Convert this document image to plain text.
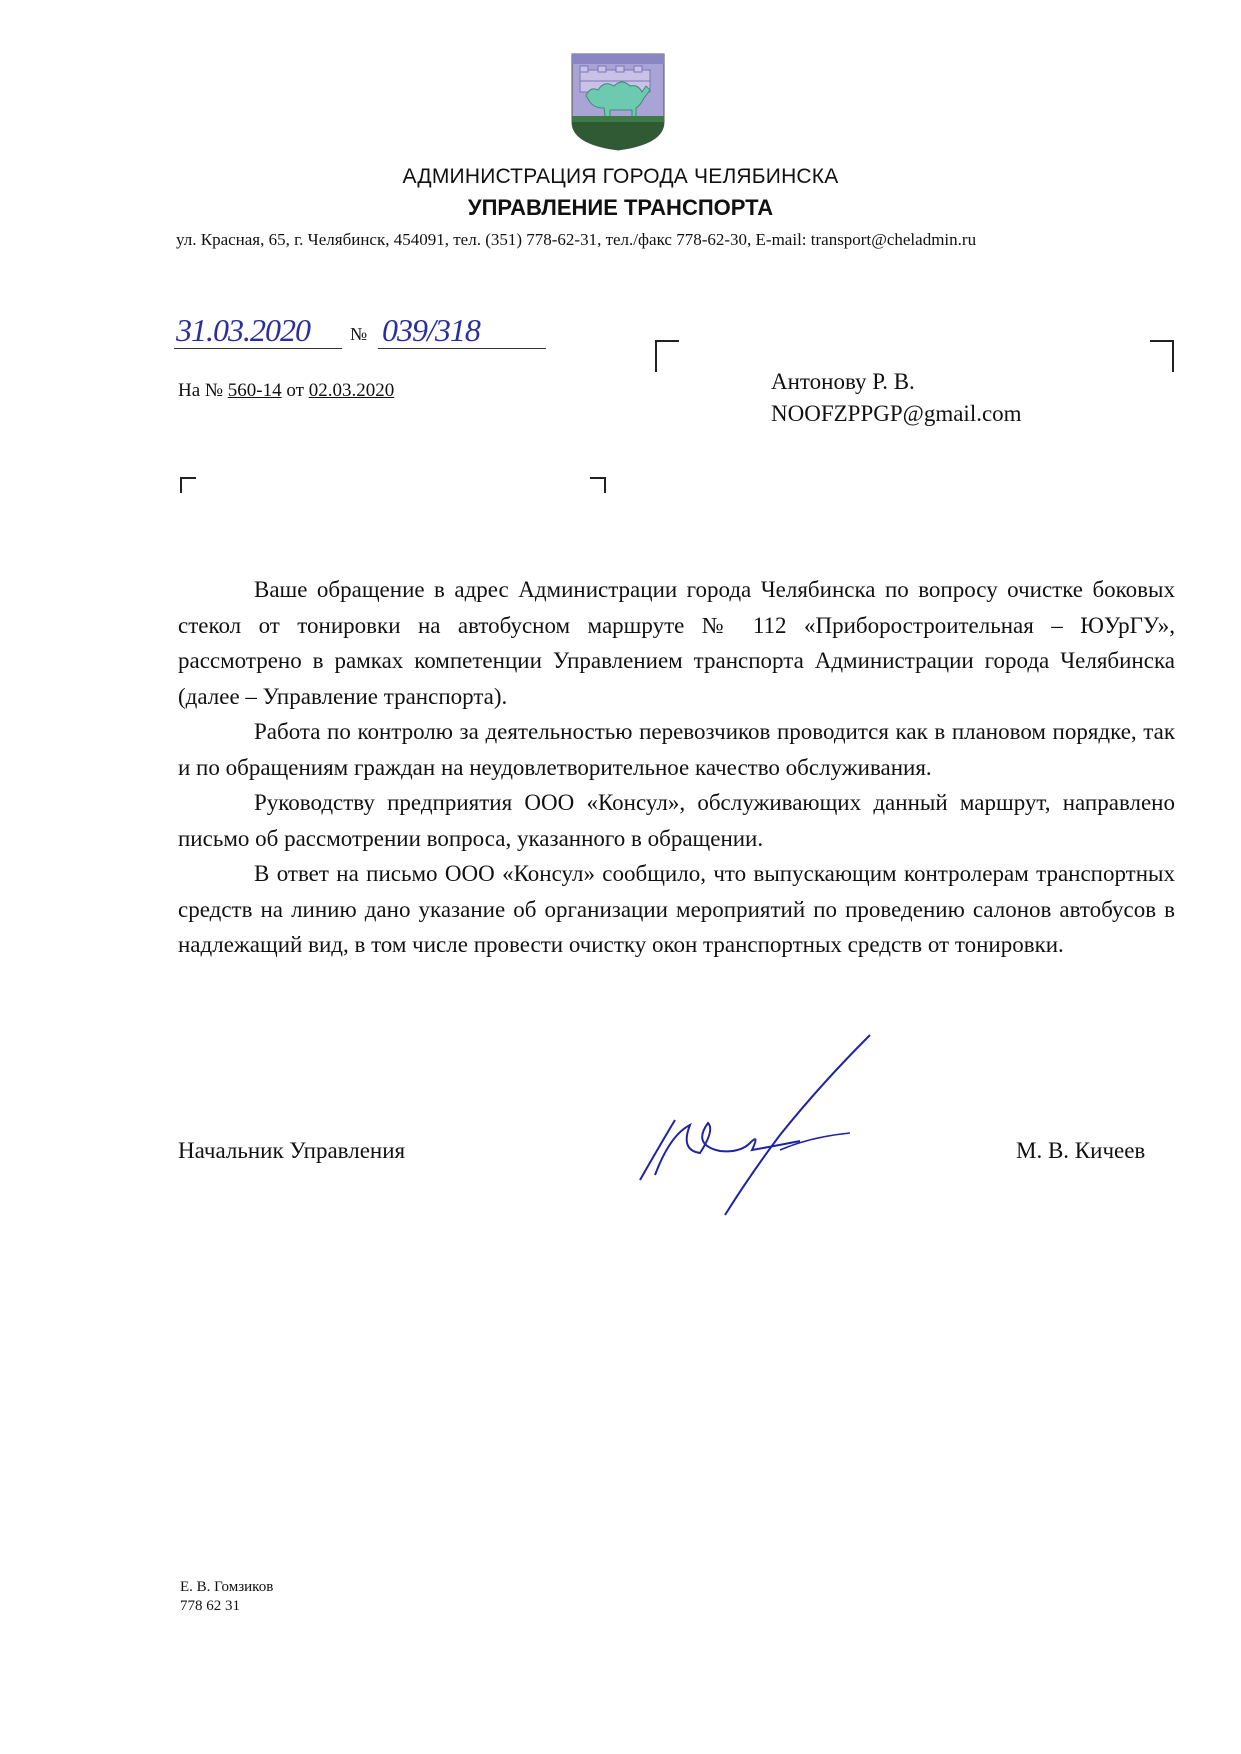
АДМИНИСТРАЦИЯ ГОРОДА ЧЕЛЯБИНСКА
УПРАВЛЕНИЕ ТРАНСПОРТА
ул. Красная, 65, г. Челябинск, 454091, тел. (351) 778-62-31, тел./факс 778-62-30, E-mail: transport@cheladmin.ru
31.03.2020 № 039/318
На № 560-14 от 02.03.2020	Антонову Р. В.
NOOFZPPGP@gmail.com

Ваше обращение в адрес Администрации города Челябинска по вопросу очистке боковых стекол от тонировки на автобусном маршруте № 112 «Приборостроительная – ЮУрГУ», рассмотрено в рамках компетенции Управлением транспорта Администрации города Челябинска (далее – Управление транспорта).

Работа по контролю за деятельностью перевозчиков проводится как в плановом порядке, так и по обращениям граждан на неудовлетворительное качество обслуживания.

Руководству предприятия ООО «Консул», обслуживающих данный маршрут, направлено письмо об рассмотрении вопроса, указанного в обращении.

В ответ на письмо ООО «Консул» сообщило, что выпускающим контролерам транспортных средств на линию дано указание об организации мероприятий по проведению салонов автобусов в надлежащий вид, в том числе провести очистку окон транспортных средств от тонировки.

Начальник Управления	М. В. Кичеев
Е. В. Гомзиков
778 62 31
